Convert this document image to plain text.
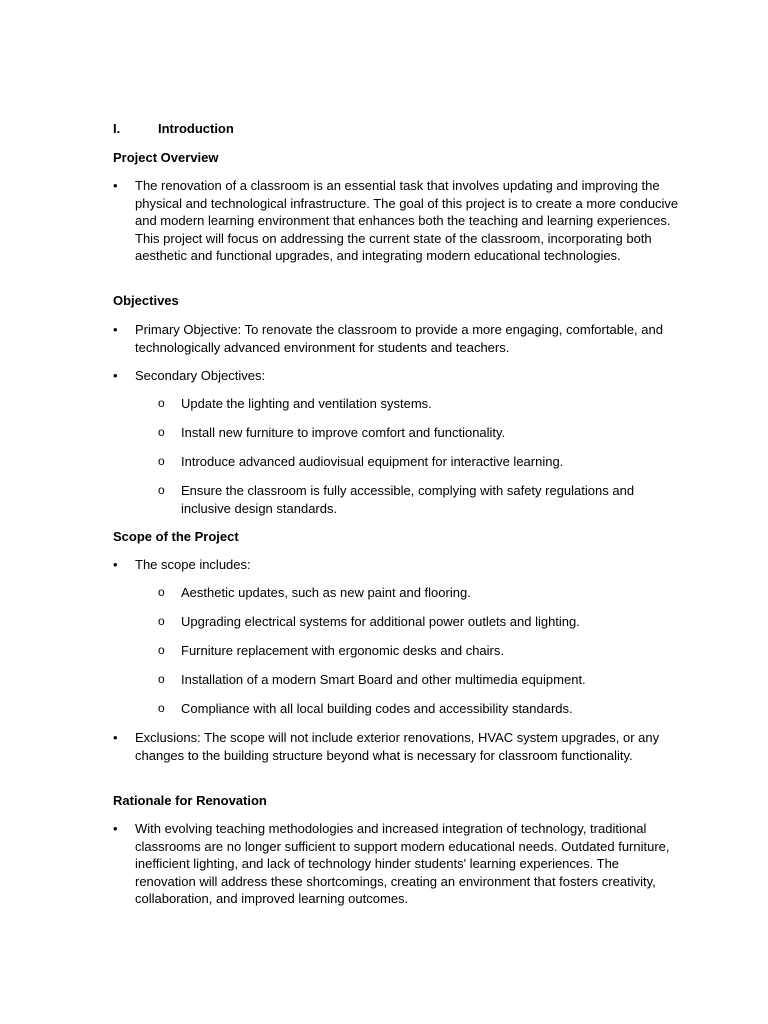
I.	Introduction
Project Overview
•	The renovation of a classroom is an essential task that involves updating and improving the physical and technological infrastructure. The goal of this project is to create a more conducive and modern learning environment that enhances both the teaching and learning experiences. This project will focus on addressing the current state of the classroom, incorporating both aesthetic and functional upgrades, and integrating modern educational technologies.
Objectives
•	Primary Objective: To renovate the classroom to provide a more engaging, comfortable, and technologically advanced environment for students and teachers.
•	Secondary Objectives:
o	Update the lighting and ventilation systems.
o	Install new furniture to improve comfort and functionality.
o	Introduce advanced audiovisual equipment for interactive learning.
o	Ensure the classroom is fully accessible, complying with safety regulations and inclusive design standards.
Scope of the Project
•	The scope includes:
o	Aesthetic updates, such as new paint and flooring.
o	Upgrading electrical systems for additional power outlets and lighting.
o	Furniture replacement with ergonomic desks and chairs.
o	Installation of a modern Smart Board and other multimedia equipment.
o	Compliance with all local building codes and accessibility standards.
•	Exclusions: The scope will not include exterior renovations, HVAC system upgrades, or any changes to the building structure beyond what is necessary for classroom functionality.
Rationale for Renovation
•	With evolving teaching methodologies and increased integration of technology, traditional classrooms are no longer sufficient to support modern educational needs. Outdated furniture, inefficient lighting, and lack of technology hinder students' learning experiences. The renovation will address these shortcomings, creating an environment that fosters creativity, collaboration, and improved learning outcomes.
